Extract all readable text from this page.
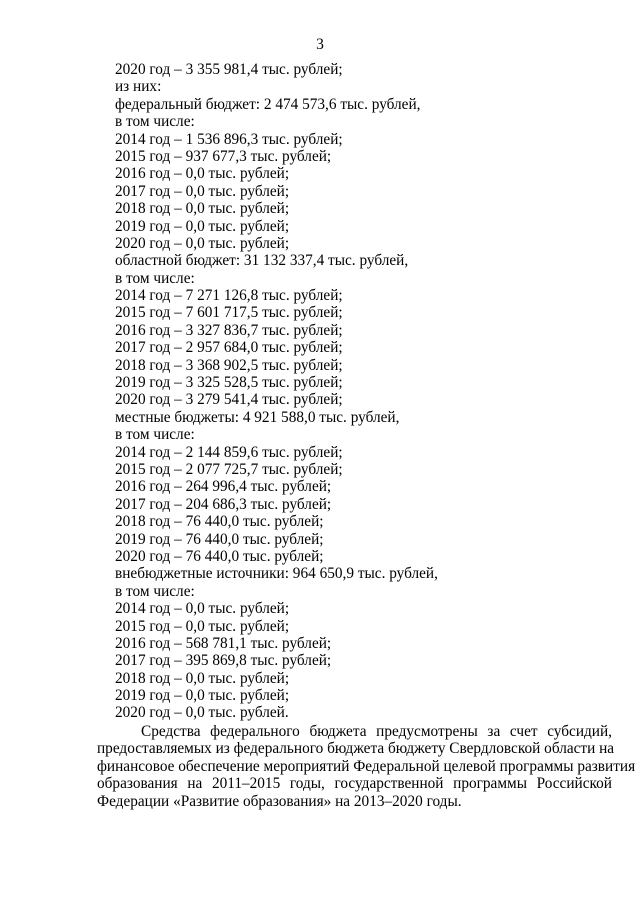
3
2020 год – 3 355 981,4 тыс. рублей;
из них:
федеральный бюджет: 2 474 573,6 тыс. рублей,
в том числе:
2014 год – 1 536 896,3 тыс. рублей;
2015 год – 937 677,3 тыс. рублей;
2016 год – 0,0 тыс. рублей;
2017 год – 0,0 тыс. рублей;
2018 год – 0,0 тыс. рублей;
2019 год – 0,0 тыс. рублей;
2020 год – 0,0 тыс. рублей;
областной бюджет: 31 132 337,4 тыс. рублей,
в том числе:
2014 год – 7 271 126,8 тыс. рублей;
2015 год – 7 601 717,5 тыс. рублей;
2016 год – 3 327 836,7 тыс. рублей;
2017 год – 2 957 684,0 тыс. рублей;
2018 год – 3 368 902,5 тыс. рублей;
2019 год – 3 325 528,5 тыс. рублей;
2020 год – 3 279 541,4 тыс. рублей;
местные бюджеты: 4 921 588,0 тыс. рублей,
в том числе:
2014 год – 2 144 859,6 тыс. рублей;
2015 год – 2 077 725,7 тыс. рублей;
2016 год – 264 996,4 тыс. рублей;
2017 год – 204 686,3 тыс. рублей;
2018 год – 76 440,0 тыс. рублей;
2019 год – 76 440,0 тыс. рублей;
2020 год – 76 440,0 тыс. рублей;
внебюджетные источники: 964 650,9 тыс. рублей,
в том числе:
2014 год – 0,0 тыс. рублей;
2015 год – 0,0 тыс. рублей;
2016 год – 568 781,1 тыс. рублей;
2017 год – 395 869,8 тыс. рублей;
2018 год – 0,0 тыс. рублей;
2019 год – 0,0 тыс. рублей;
2020 год – 0,0 тыс. рублей.
Средства федерального бюджета предусмотрены за счет субсидий,
предоставляемых из федерального бюджета бюджету Свердловской области на
финансовое обеспечение мероприятий Федеральной целевой программы развития
образования на 2011–2015 годы, государственной программы Российской
Федерации «Развитие образования» на 2013–2020 годы.
